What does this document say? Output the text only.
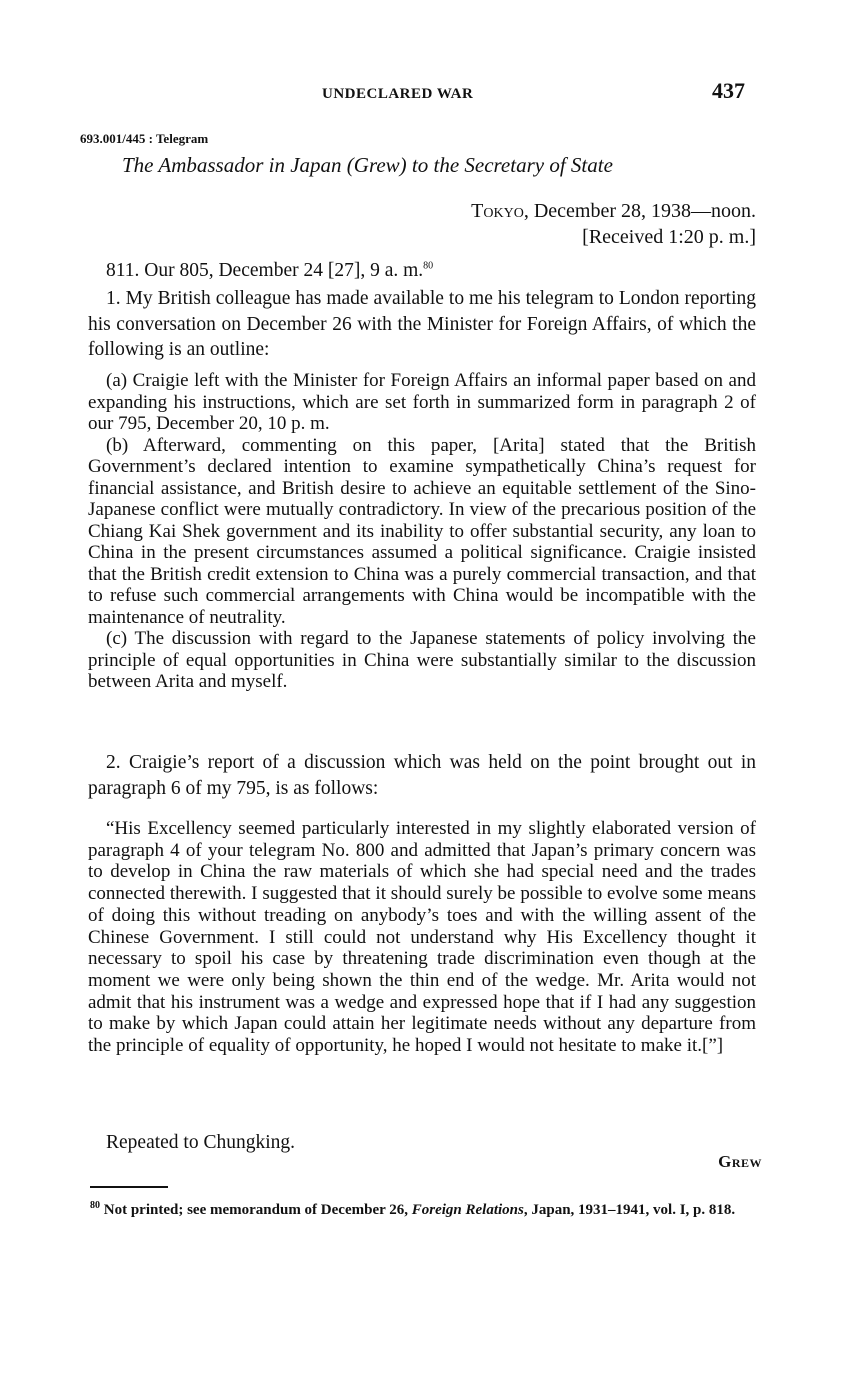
UNDECLARED WAR	437
693.001/445 : Telegram
The Ambassador in Japan (Grew) to the Secretary of State
Tokyo, December 28, 1938—noon.
[Received 1:20 p. m.]
811. Our 805, December 24 [27], 9 a. m.$^{80}$

1. My British colleague has made available to me his telegram to London reporting his conversation on December 26 with the Minister for Foreign Affairs, of which the following is an outline:

(a) Craigie left with the Minister for Foreign Affairs an informal paper based on and expanding his instructions, which are set forth in summarized form in paragraph 2 of our 795, December 20, 10 p. m.

(b) Afterward, commenting on this paper, [Arita] stated that the British Government’s declared intention to examine sympathetically China’s request for financial assistance, and British desire to achieve an equitable settlement of the Sino-Japanese conflict were mutually contradictory. In view of the precarious position of the Chiang Kai Shek government and its inability to offer substantial security, any loan to China in the present circumstances assumed a political significance. Craigie insisted that the British credit extension to China was a purely commercial transaction, and that to refuse such commercial arrangements with China would be incompatible with the maintenance of neutrality.

(c) The discussion with regard to the Japanese statements of policy involving the principle of equal opportunities in China were substantially similar to the discussion between Arita and myself.

2. Craigie’s report of a discussion which was held on the point brought out in paragraph 6 of my 795, is as follows:

“His Excellency seemed particularly interested in my slightly elaborated version of paragraph 4 of your telegram No. 800 and admitted that Japan’s primary concern was to develop in China the raw materials of which she had special need and the trades connected therewith. I suggested that it should surely be possible to evolve some means of doing this without treading on anybody’s toes and with the willing assent of the Chinese Government. I still could not understand why His Excellency thought it necessary to spoil his case by threatening trade discrimination even though at the moment we were only being shown the thin end of the wedge. Mr. Arita would not admit that his instrument was a wedge and expressed hope that if I had any suggestion to make by which Japan could attain her legitimate needs without any departure from the principle of equality of opportunity, he hoped I would not hesitate to make it.[”]

Repeated to Chungking.
Grew
$^{80}$ Not printed; see memorandum of December 26, Foreign Relations, Japan, 1931–1941, vol. I, p. 818.
